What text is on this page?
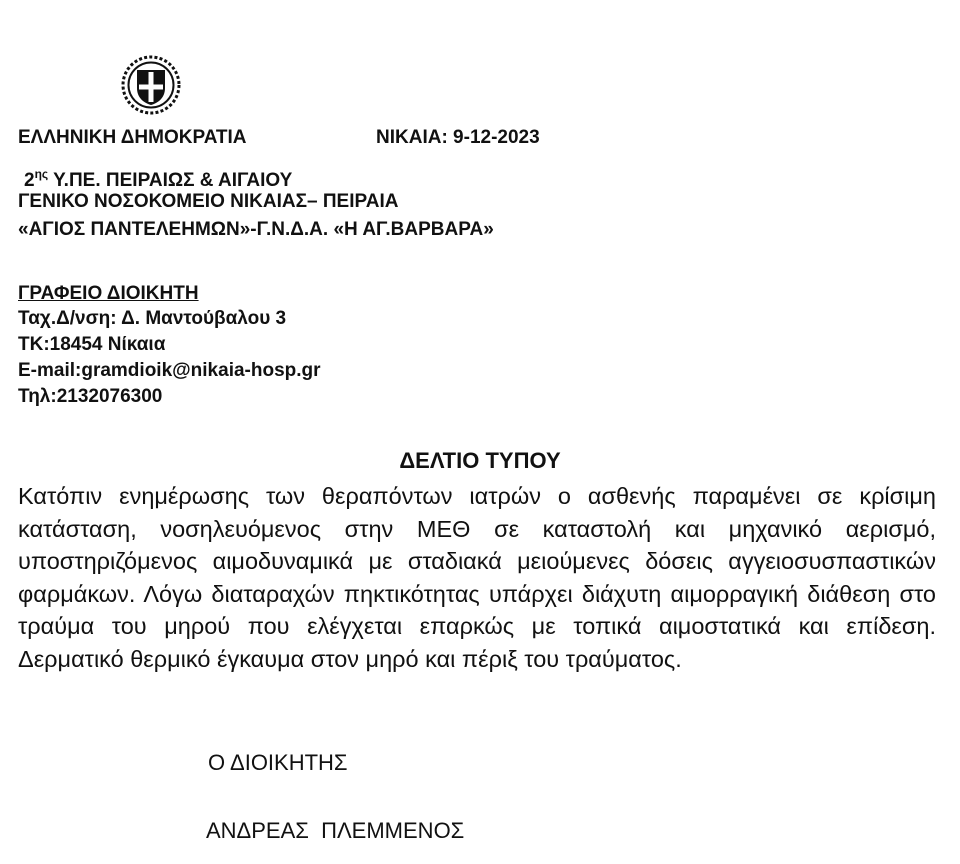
ΕΛΛΗΝΙΚΗ ΔΗΜΟΚΡΑΤΙΑ	ΝΙΚΑΙΑ: 9-12-2023
$2^{\eta\varsigma}$ Υ.ΠΕ. ΠΕΙΡΑΙΩΣ & ΑΙΓΑΙΟΥ
ΓΕΝΙΚΟ ΝΟΣΟΚΟΜΕΙΟ ΝΙΚΑΙΑΣ– ΠΕΙΡΑΙΑ
«ΑΓΙΟΣ ΠΑΝΤΕΛΕΗΜΩΝ»-Γ.Ν.Δ.Α. «Η ΑΓ.ΒΑΡΒΑΡΑ»
ΓΡΑΦΕΙΟ ΔΙΟΙΚΗΤΗ
Ταχ.Δ/νση: Δ. Μαντούβαλου 3
ΤΚ:18454 Νίκαια
E-mail:gramdioik@nikaia-hosp.gr
Τηλ:2132076300
ΔΕΛΤΙΟ ΤΥΠΟΥ
Κατόπιν ενημέρωσης των θεραπόντων ιατρών ο ασθενής παραμένει σε κρίσιμη κατάσταση, νοσηλευόμενος στην ΜΕΘ σε καταστολή και μηχανικό αερισμό, υποστηριζόμενος αιμοδυναμικά με σταδιακά μειούμενες δόσεις αγγειοσυσπαστικών φαρμάκων. Λόγω διαταραχών πηκτικότητας υπάρχει διάχυτη αιμορραγική διάθεση στο τραύμα του μηρού που ελέγχεται επαρκώς με τοπικά αιμοστατικά και επίδεση. Δερματικό θερμικό έγκαυμα στον μηρό και πέριξ του τραύματος.
Ο ΔΙΟΙΚΗΤΗΣ
ΑΝΔΡΕΑΣ  ΠΛΕΜΜΕΝΟΣ
